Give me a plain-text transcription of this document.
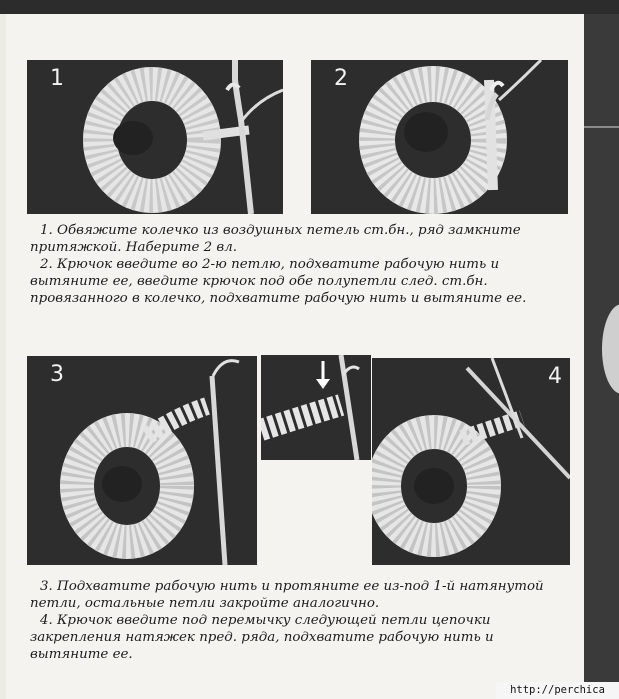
1	2

1. Обвяжите колечко из воздушных петель ст.бн., ряд замкните притяжкой. Наберите 2 вл.

2. Крючок введите во 2-ю петлю, подхватите рабочую нить и вытяните ее, введите крючок под обе полупетли след. ст.бн. провязанного в колечко, подхватите рабочую нить и вытяните ее.

3	4

3. Подхватите рабочую нить и протяните ее из-под 1-й натянутой петли, остальные петли закройте аналогично.

4. Крючок введите под перемычку следующей петли цепочки закрепления натяжек пред. ряда, подхватите рабочую нить и вытяните ее.

http://perchica
